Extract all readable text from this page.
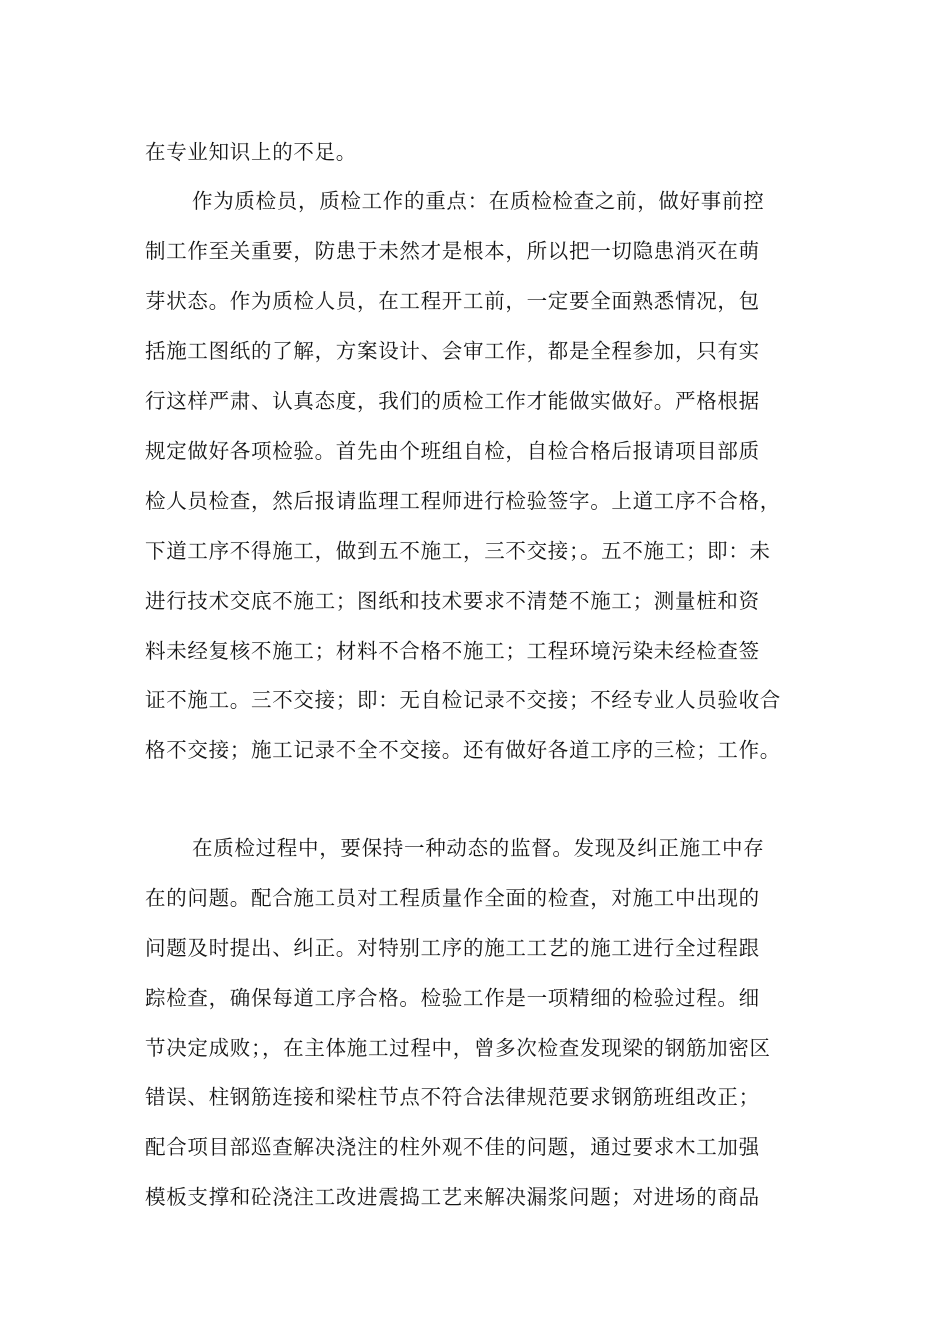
在专业知识上的不足。

作为质检员，质检工作的重点：在质检检查之前，做好事前控

制工作至关重要，防患于未然才是根本，所以把一切隐患消灭在萌

芽状态。作为质检人员，在工程开工前，一定要全面熟悉情况，包

括施工图纸的了解，方案设计、会审工作，都是全程参加，只有实

行这样严肃、认真态度，我们的质检工作才能做实做好。严格根据

规定做好各项检验。首先由个班组自检，自检合格后报请项目部质

检人员检查，然后报请监理工程师进行检验签字。上道工序不合格，

下道工序不得施工，做到五不施工，三不交接；。五不施工；即：未

进行技术交底不施工；图纸和技术要求不清楚不施工；测量桩和资

料未经复核不施工；材料不合格不施工；工程环境污染未经检查签

证不施工。三不交接；即：无自检记录不交接；不经专业人员验收合

格不交接；施工记录不全不交接。还有做好各道工序的三检；工作。

在质检过程中，要保持一种动态的监督。发现及纠正施工中存

在的问题。配合施工员对工程质量作全面的检查，对施工中出现的

问题及时提出、纠正。对特别工序的施工工艺的施工进行全过程跟

踪检查，确保每道工序合格。检验工作是一项精细的检验过程。细

节决定成败；，在主体施工过程中，曾多次检查发现梁的钢筋加密区

错误、柱钢筋连接和梁柱节点不符合法律规范要求钢筋班组改正；

配合项目部巡查解决浇注的柱外观不佳的问题，通过要求木工加强

模板支撑和砼浇注工改进震捣工艺来解决漏浆问题；对进场的商品
